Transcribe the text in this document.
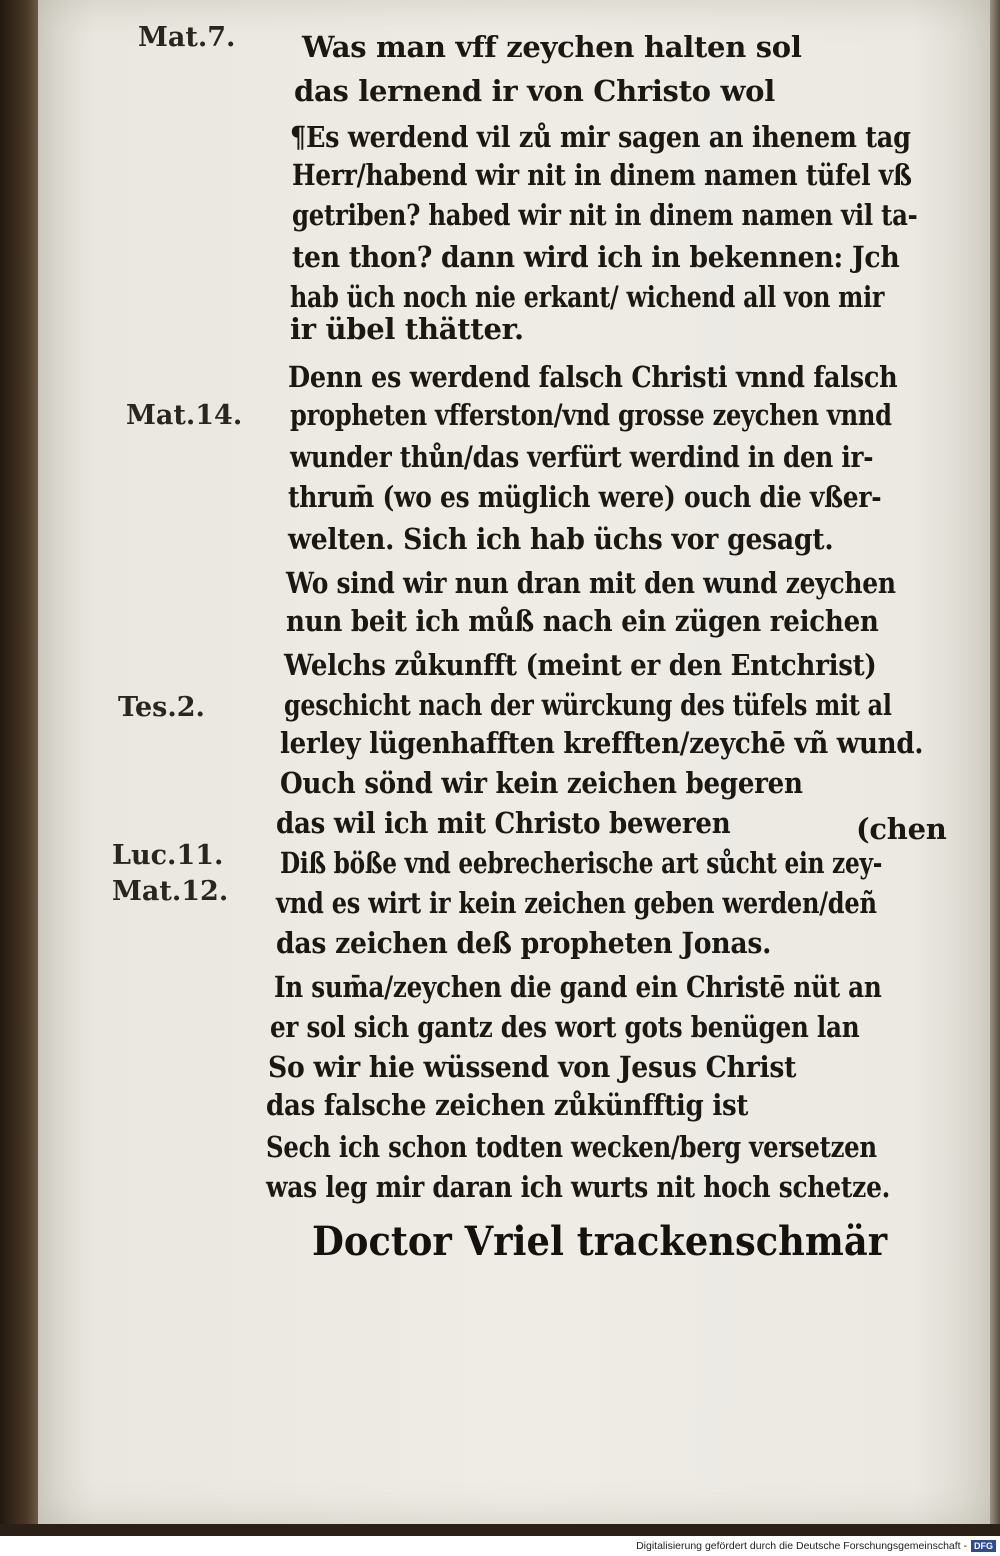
Mat.7.
Mat.14.
Tes.2.
Luc.11.
Mat.12.
Was man vff zeychen halten sol
das lernend ir von Christo wol
¶Es werdend vil zů mir sagen an ihenem tag
Herr/habend wir nit in dinem namen tüfel vß
getriben? habed wir nit in dinem namen vil ta-
ten thon? dann wird ich in bekennen: Jch
hab üch noch nie erkant/ wichend all von mir
ir übel thätter.
Denn es werdend falsch Christi vnnd falsch
propheten vfferston/vnd grosse zeychen vnnd
wunder thůn/das verfürt werdind in den ir-
thrum̄ (wo es müglich were) ouch die vßer-
welten. Sich ich hab üchs vor gesagt.
Wo sind wir nun dran mit den wund zeychen
nun beit ich můß nach ein zügen reichen
Welchs zůkunfft (meint er den Entchrist)
geschicht nach der würckung des tüfels mit al
lerley lügenhafften krefften/zeychē vñ wund.
Ouch sönd wir kein zeichen begeren
das wil ich mit Christo beweren	(chen
Diß böße vnd eebrecherische art sůcht ein zey-
vnd es wirt ir kein zeichen geben werden/deñ
das zeichen deß propheten Jonas.
In sum̄a/zeychen die gand ein Christē nüt an
er sol sich gantz des wort gots benügen lan
So wir hie wüssend von Jesus Christ
das falsche zeichen zůkünfftig ist
Sech ich schon todten wecken/berg versetzen
was leg mir daran ich wurts nit hoch schetze.
Doctor Vriel trackenschmär
Digitalisierung gefördert durch die Deutsche Forschungsgemeinschaft - DFG
